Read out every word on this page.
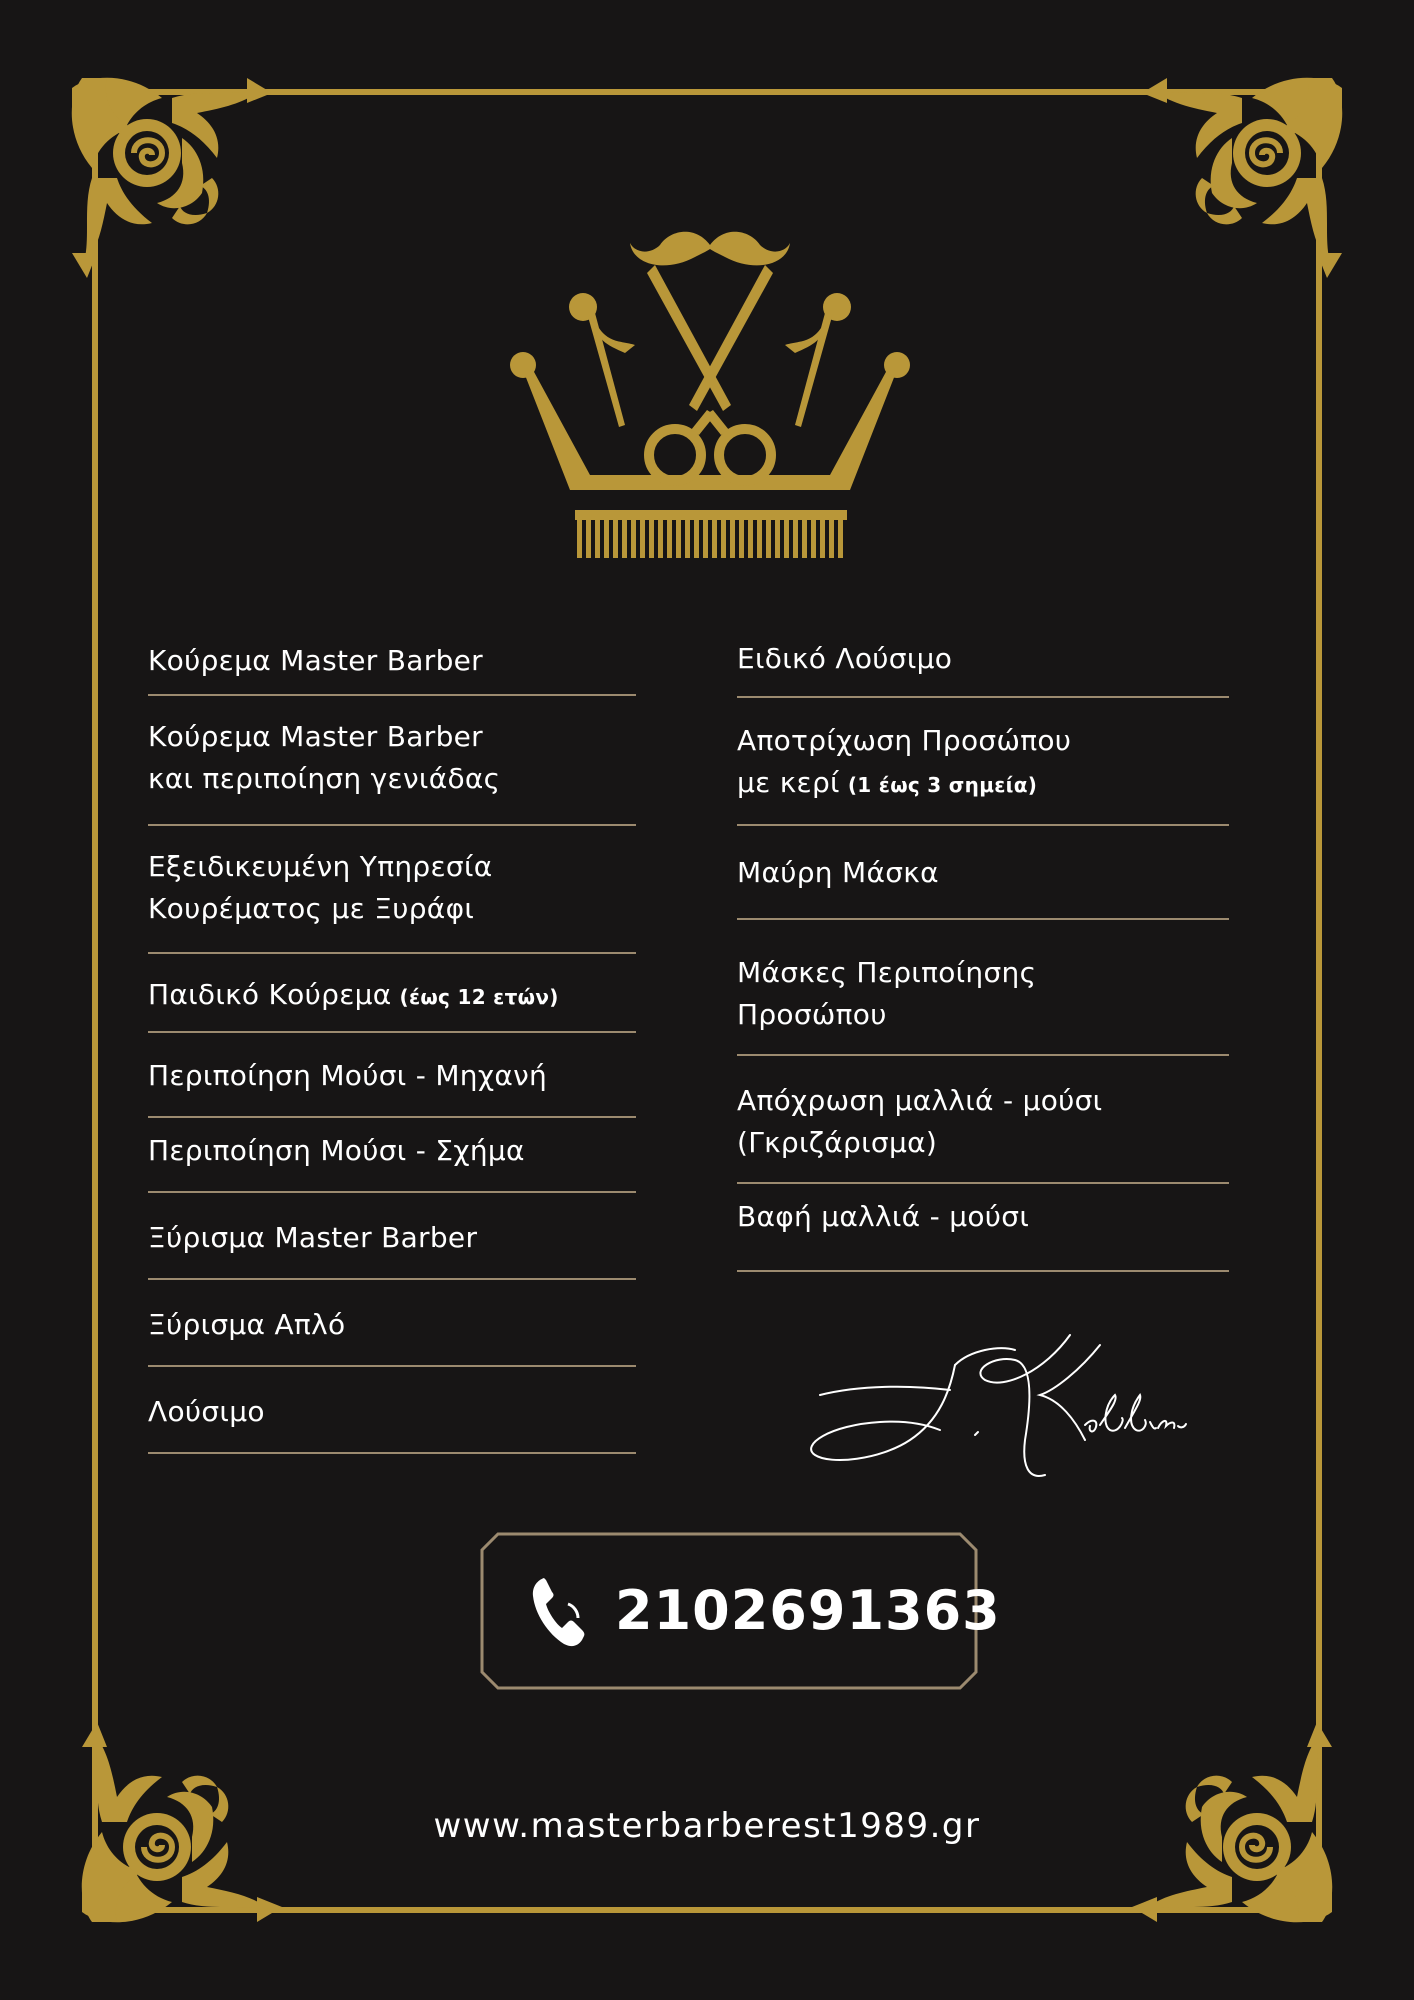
Κούρεμα Master Barber
Κούρεμα Master Barber
και περιποίηση γενιάδας
Εξειδικευμένη Υπηρεσία
Κουρέματος με Ξυράφι
Παιδικό Κούρεμα (έως 12 ετών)
Περιποίηση Μούσι - Μηχανή
Περιποίηση Μούσι - Σχήμα
Ξύρισμα Master Barber
Ξύρισμα Απλό
Λούσιμο
Ειδικό Λούσιμο
Αποτρίχωση Προσώπου
με κερί (1 έως 3 σημεία)
Μαύρη Μάσκα
Μάσκες Περιποίησης
Προσώπου
Απόχρωση μαλλιά - μούσι
(Γκριζάρισμα)
Βαφή μαλλιά - μούσι
2102691363
www.masterbarberest1989.gr
